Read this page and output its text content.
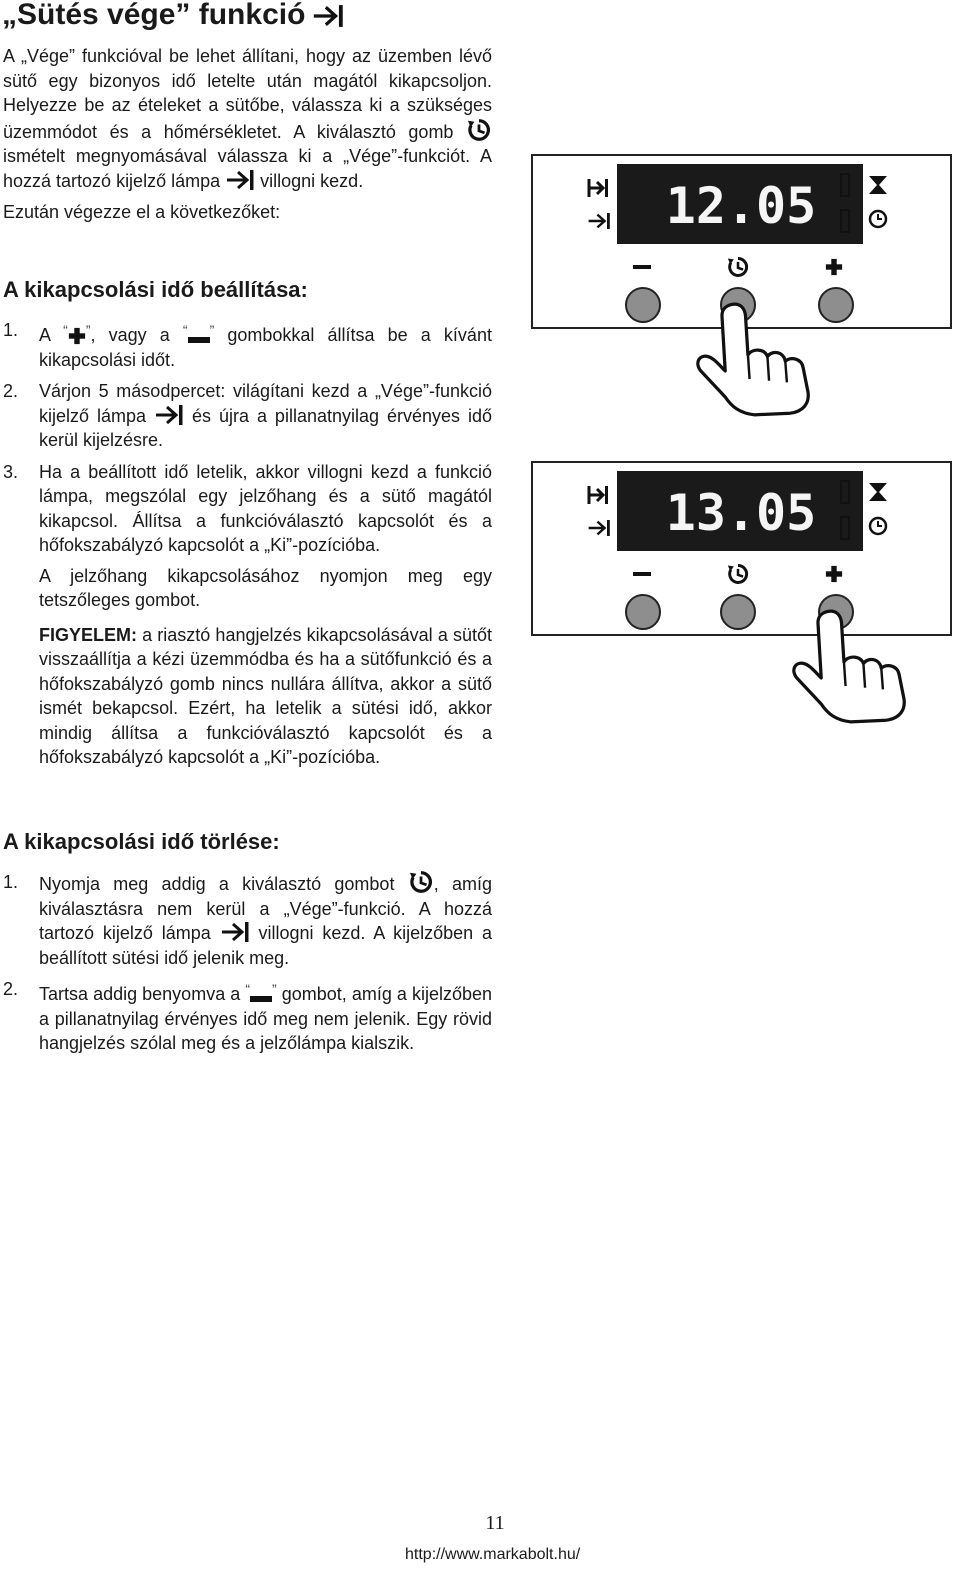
„Sütés vége” funkció

A „Vége” funkcióval be lehet állítani, hogy az üzemben lévő sütő egy bizonyos idő letelte után magától kikapcsoljon. Helyezze be az ételeket a sütőbe, válassza ki a szükséges üzemmódot és a hőmérsékletet. A kiválasztó gomb  ismételt megnyomásával válassza ki a „Vége”-funkciót. A hozzá tartozó kijelző lámpa villogni kezd.

Ezután végezze el a következőket:

A kikapcsolási idő beállítása:

1. A “ ”, vagy a “ ” gombokkal állítsa be a kívánt kikapcsolási időt.
2. Várjon 5 másodpercet: világítani kezd a „Vége”-funkció kijelző lámpa	és újra a pillanatnyilag érvényes idő kerül kijelzésre.
3. Ha a beállított idő letelik, akkor villogni kezd a funkció lámpa, megszólal egy jelzőhang és a sütő magától kikapcsol. Állítsa a funkcióválasztó kapcsolót és a hőfokszabályzó kapcsolót a „Ki”-pozícióba.

A jelzőhang kikapcsolásához nyomjon meg egy tetszőleges gombot.

FIGYELEM: a riasztó hangjelzés kikapcsolásával a sütőt visszaállítja a kézi üzemmódba és ha a sütőfunkció és a hőfokszabályzó gomb nincs nullára állítva, akkor a sütő ismét bekapcsol. Ezért, ha letelik a sütési idő, akkor mindig állítsa a funkcióválasztó kapcsolót és a hőfokszabályzó kapcsolót a „Ki”-pozícióba.

A kikapcsolási idő törlése:

1. Nyomja meg addig a kiválasztó gombot , amíg kiválasztásra nem kerül a „Vége”-funkció. A hozzá tartozó kijelző lámpa	villogni kezd. A kijelzőben a beállított sütési idő jelenik meg.
2. Tartsa addig benyomva a “ ” gombot, amíg a kijelzőben a pillanatnyilag érvényes idő meg nem jelenik. Egy rövid hangjelzés szólal meg és a jelzőlámpa kialszik.
12.05
13.05
11
http://www.markabolt.hu/
